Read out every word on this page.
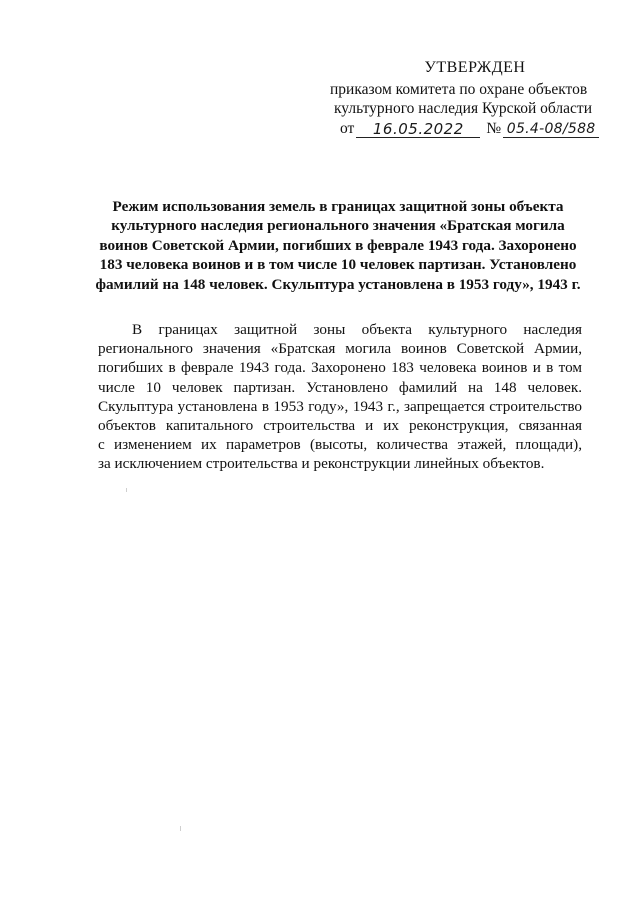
УТВЕРЖДЕН
приказом комитета по охране объектов
культурного наследия Курской области
от	16.05.2022	№ 05.4-08/588
Режим использования земель в границах защитной зоны объекта
культурного наследия регионального значения «Братская могила
воинов Советской Армии, погибших в феврале 1943 года. Захоронено
183 человека воинов и в том числе 10 человек партизан. Установлено
фамилий на 148 человек. Скульптура установлена в 1953 году», 1943 г.
В границах защитной зоны объекта культурного наследия
регионального значения «Братская могила воинов Советской Армии,
погибших в феврале 1943 года. Захоронено 183 человека воинов и в том
числе 10 человек партизан. Установлено фамилий на 148 человек.
Скульптура установлена в 1953 году», 1943 г., запрещается строительство
объектов капитального строительства и их реконструкция, связанная
с изменением их параметров (высоты, количества этажей, площади),
за исключением строительства и реконструкции линейных объектов.
